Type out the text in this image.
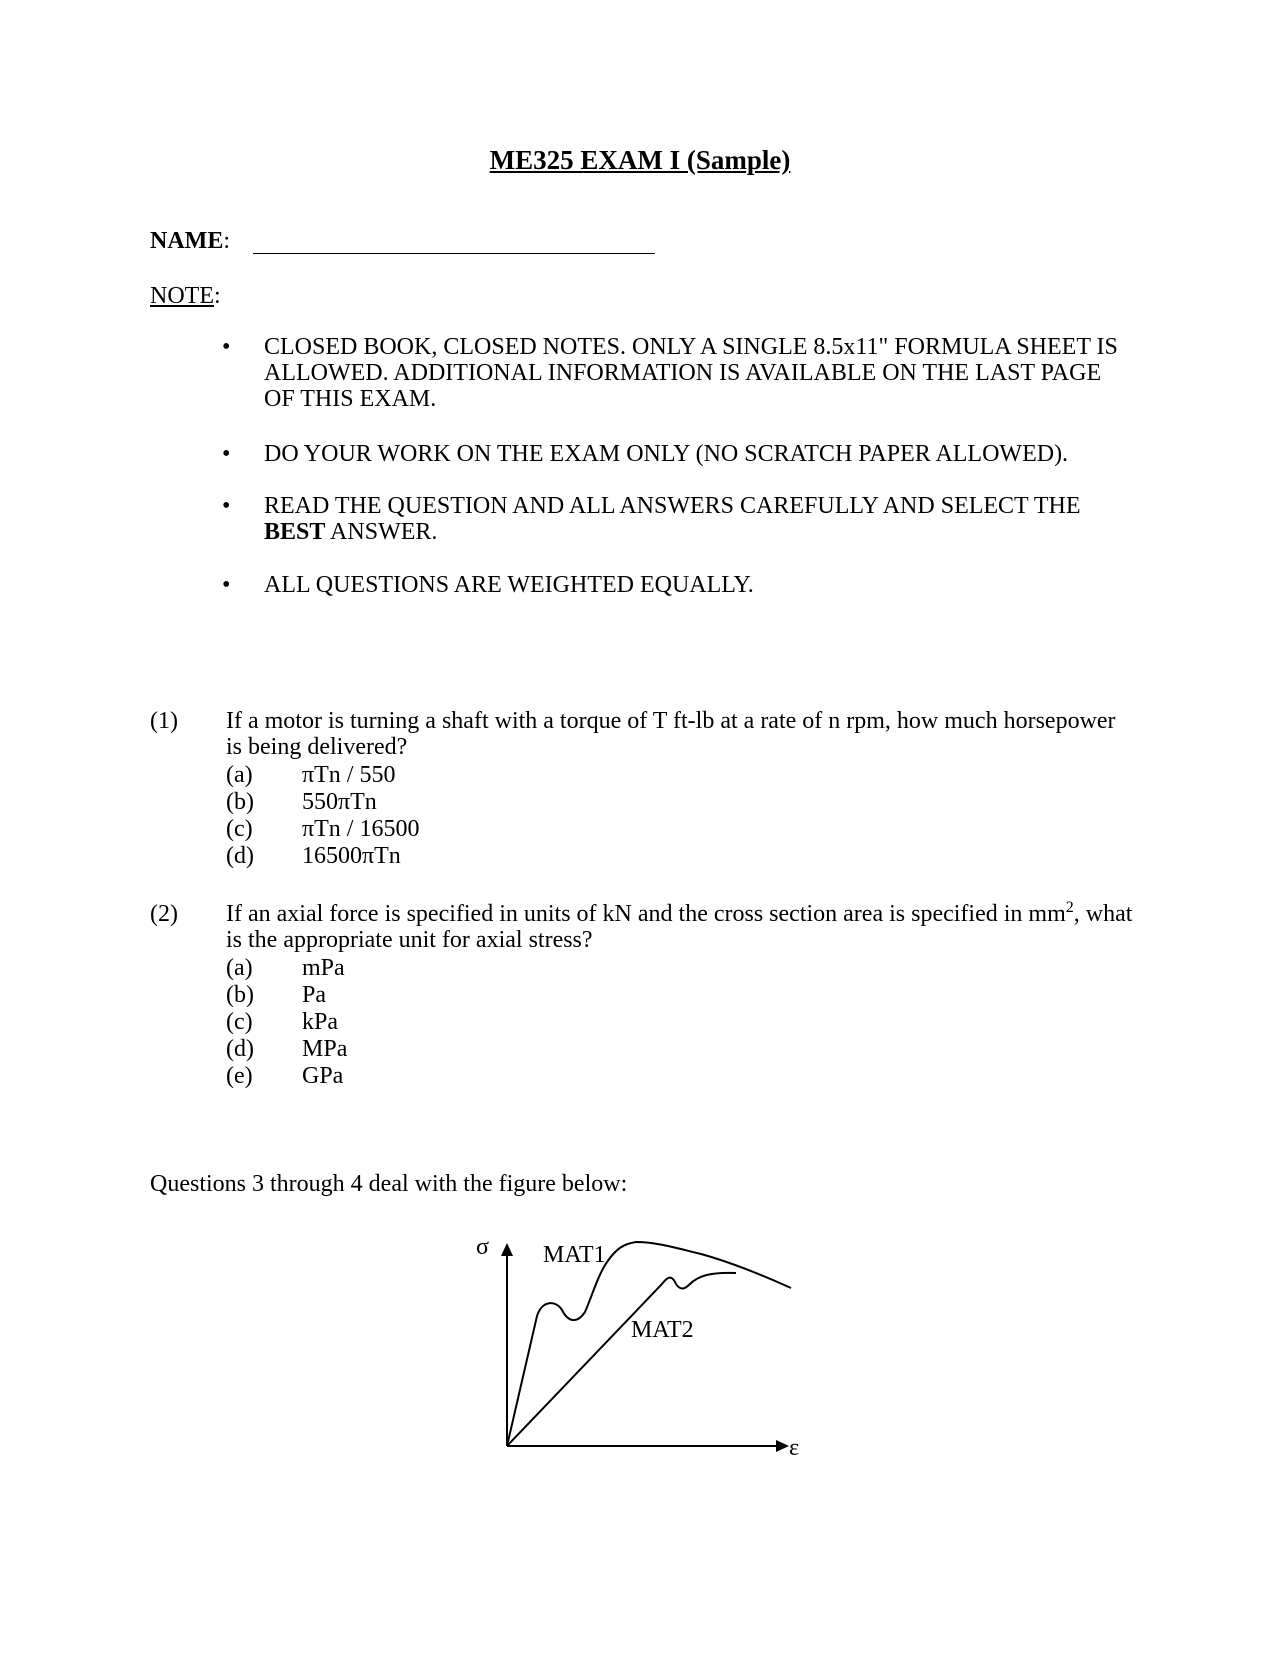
ME325 EXAM I (Sample)
NAME:
NOTE:
• CLOSED BOOK, CLOSED NOTES. ONLY A SINGLE 8.5x11" FORMULA SHEET IS ALLOWED. ADDITIONAL INFORMATION IS AVAILABLE ON THE LAST PAGE OF THIS EXAM.
• DO YOUR WORK ON THE EXAM ONLY (NO SCRATCH PAPER ALLOWED).
• READ THE QUESTION AND ALL ANSWERS CAREFULLY AND SELECT THE BEST ANSWER.
• ALL QUESTIONS ARE WEIGHTED EQUALLY.
(1) If a motor is turning a shaft with a torque of T ft-lb at a rate of n rpm, how much horsepower is being delivered?
(a) πTn / 550
(b) 550πTn
(c) πTn / 16500
(d) 16500πTn
(2) If an axial force is specified in units of kN and the cross section area is specified in $mm^2$, what is the appropriate unit for axial stress?
(a) mPa
(b) Pa
(c) kPa
(d) MPa
(e) GPa
Questions 3 through 4 deal with the figure below:
σ
ε
MAT1
MAT2
